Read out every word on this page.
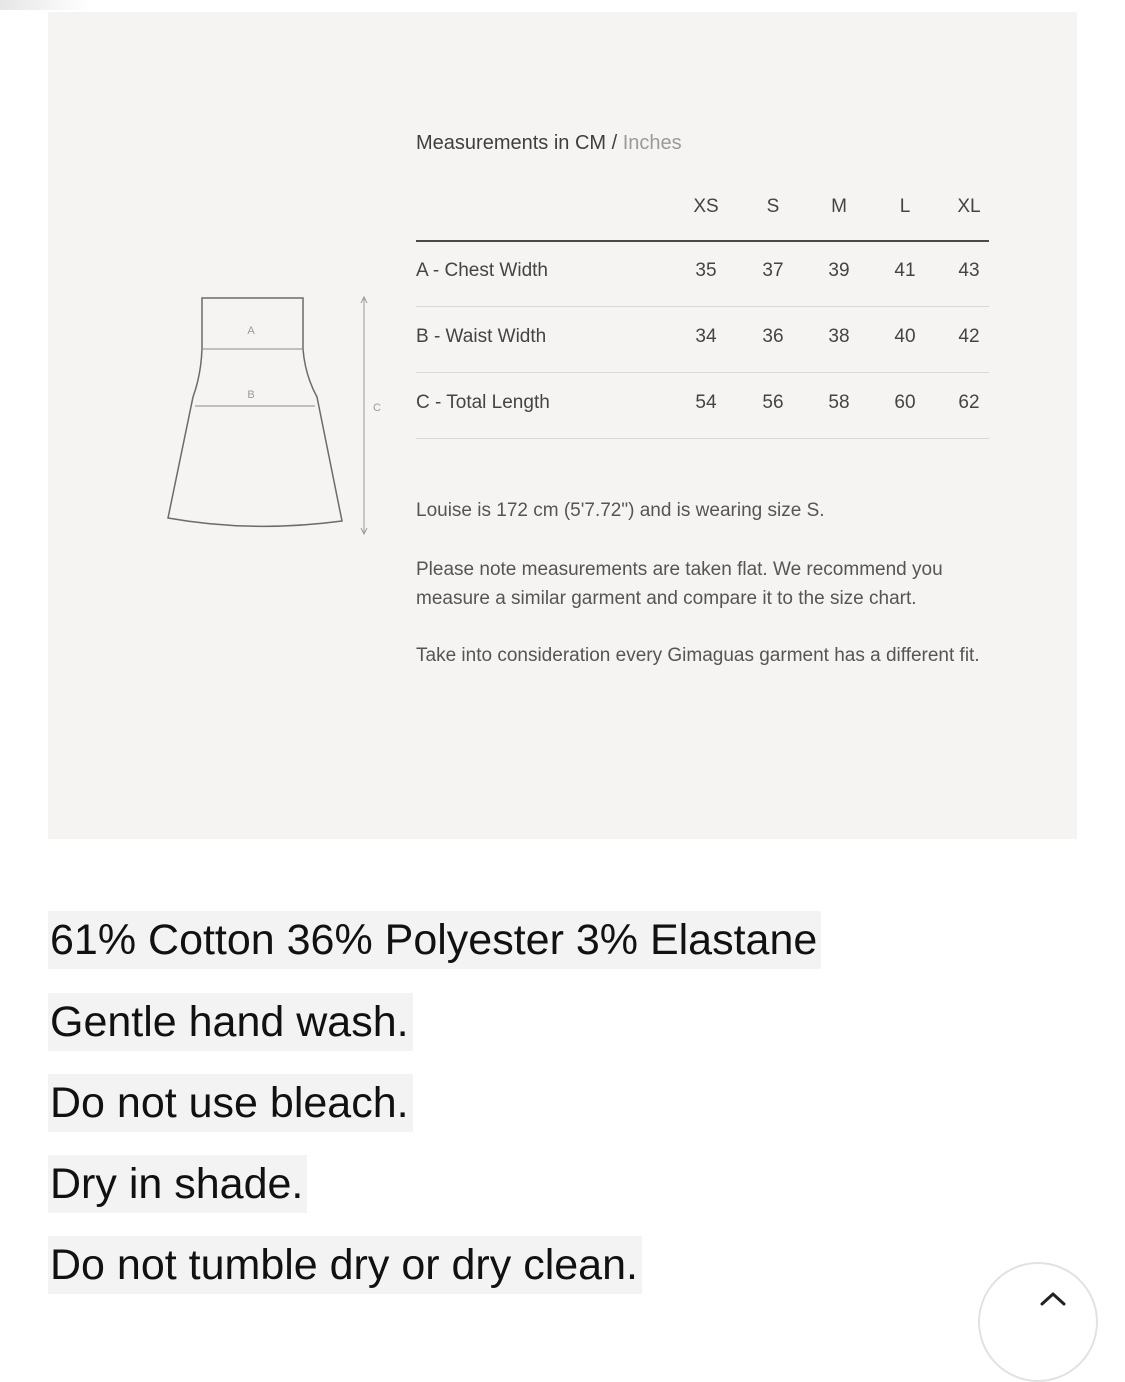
A
B
C
Measurements in CM / Inches
XS	S	M	L	XL
A - Chest Width	35	37	39	41	43
B - Waist Width	34	36	38	40	42
C - Total Length	54	56	58	60	62
Louise is 172 cm (5'7.72") and is wearing size S.
Please note measurements are taken flat. We recommend you measure a similar garment and compare it to the size chart.
Take into consideration every Gimaguas garment has a different fit.
61% Cotton 36% Polyester 3% Elastane
Gentle hand wash.
Do not use bleach.
Dry in shade.
Do not tumble dry or dry clean.
